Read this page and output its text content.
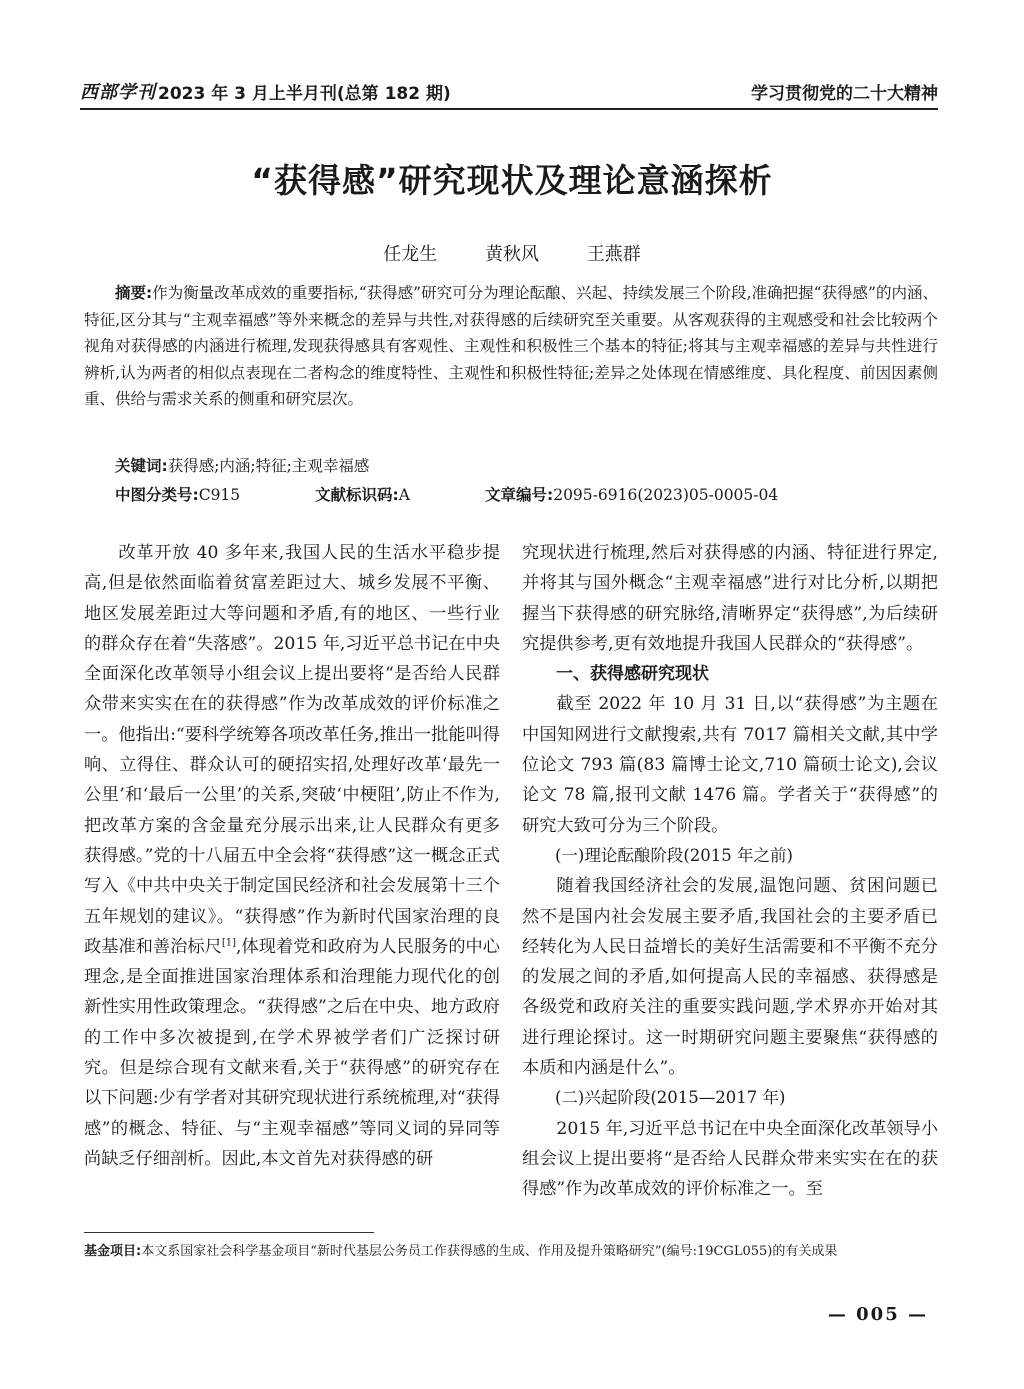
西部学刊 2023 年 3 月上半月刊(总第 182 期)	学习贯彻党的二十大精神
“获得感”研究现状及理论意涵探析
任龙生	黄秋风	王燕群
摘要:作为衡量改革成效的重要指标,“获得感”研究可分为理论酝酿、兴起、持续发展三个阶段,准确把握“获得感”的内涵、特征,区分其与“主观幸福感”等外来概念的差异与共性,对获得感的后续研究至关重要。从客观获得的主观感受和社会比较两个视角对获得感的内涵进行梳理,发现获得感具有客观性、主观性和积极性三个基本的特征;将其与主观幸福感的差异与共性进行辨析,认为两者的相似点表现在二者构念的维度特性、主观性和积极性特征;差异之处体现在情感维度、具化程度、前因因素侧重、供给与需求关系的侧重和研究层次。
关键词:获得感;内涵;特征;主观幸福感
中图分类号:C915	文献标识码:A	文章编号:2095-6916(2023)05-0005-04

改革开放 40 多年来,我国人民的生活水平稳步提高,但是依然面临着贫富差距过大、城乡发展不平衡、地区发展差距过大等问题和矛盾,有的地区、一些行业的群众存在着“失落感”。2015 年,习近平总书记在中央全面深化改革领导小组会议上提出要将“是否给人民群众带来实实在在的获得感”作为改革成效的评价标准之一。他指出:“要科学统筹各项改革任务,推出一批能叫得响、立得住、群众认可的硬招实招,处理好改革‘最先一公里’和‘最后一公里’的关系,突破‘中梗阻’,防止不作为,把改革方案的含金量充分展示出来,让人民群众有更多获得感。”党的十八届五中全会将“获得感”这一概念正式写入《中共中央关于制定国民经济和社会发展第十三个五年规划的建议》。“获得感”作为新时代国家治理的良政基准和善治标尺[1],体现着党和政府为人民服务的中心理念,是全面推进国家治理体系和治理能力现代化的创新性实用性政策理念。“获得感”之后在中央、地方政府的工作中多次被提到,在学术界被学者们广泛探讨研究。但是综合现有文献来看,关于“获得感”的研究存在以下问题:少有学者对其研究现状进行系统梳理,对“获得感”的概念、特征、与“主观幸福感”等同义词的异同等尚缺乏仔细剖析。因此,本文首先对获得感的研

究现状进行梳理,然后对获得感的内涵、特征进行界定,并将其与国外概念“主观幸福感”进行对比分析,以期把握当下获得感的研究脉络,清晰界定“获得感”,为后续研究提供参考,更有效地提升我国人民群众的“获得感”。

一、获得感研究现状

截至 2022 年 10 月 31 日,以“获得感”为主题在中国知网进行文献搜索,共有 7017 篇相关文献,其中学位论文 793 篇(83 篇博士论文,710 篇硕士论文),会议论文 78 篇,报刊文献 1476 篇。学者关于“获得感”的研究大致可分为三个阶段。

(一)理论酝酿阶段(2015 年之前)

随着我国经济社会的发展,温饱问题、贫困问题已然不是国内社会发展主要矛盾,我国社会的主要矛盾已经转化为人民日益增长的美好生活需要和不平衡不充分的发展之间的矛盾,如何提高人民的幸福感、获得感是各级党和政府关注的重要实践问题,学术界亦开始对其进行理论探讨。这一时期研究问题主要聚焦“获得感的本质和内涵是什么”。

(二)兴起阶段(2015—2017 年)

2015 年,习近平总书记在中央全面深化改革领导小组会议上提出要将“是否给人民群众带来实实在在的获得感”作为改革成效的评价标准之一。至

基金项目:本文系国家社会科学基金项目“新时代基层公务员工作获得感的生成、作用及提升策略研究”(编号:19CGL055)的有关成果
— 005 —
